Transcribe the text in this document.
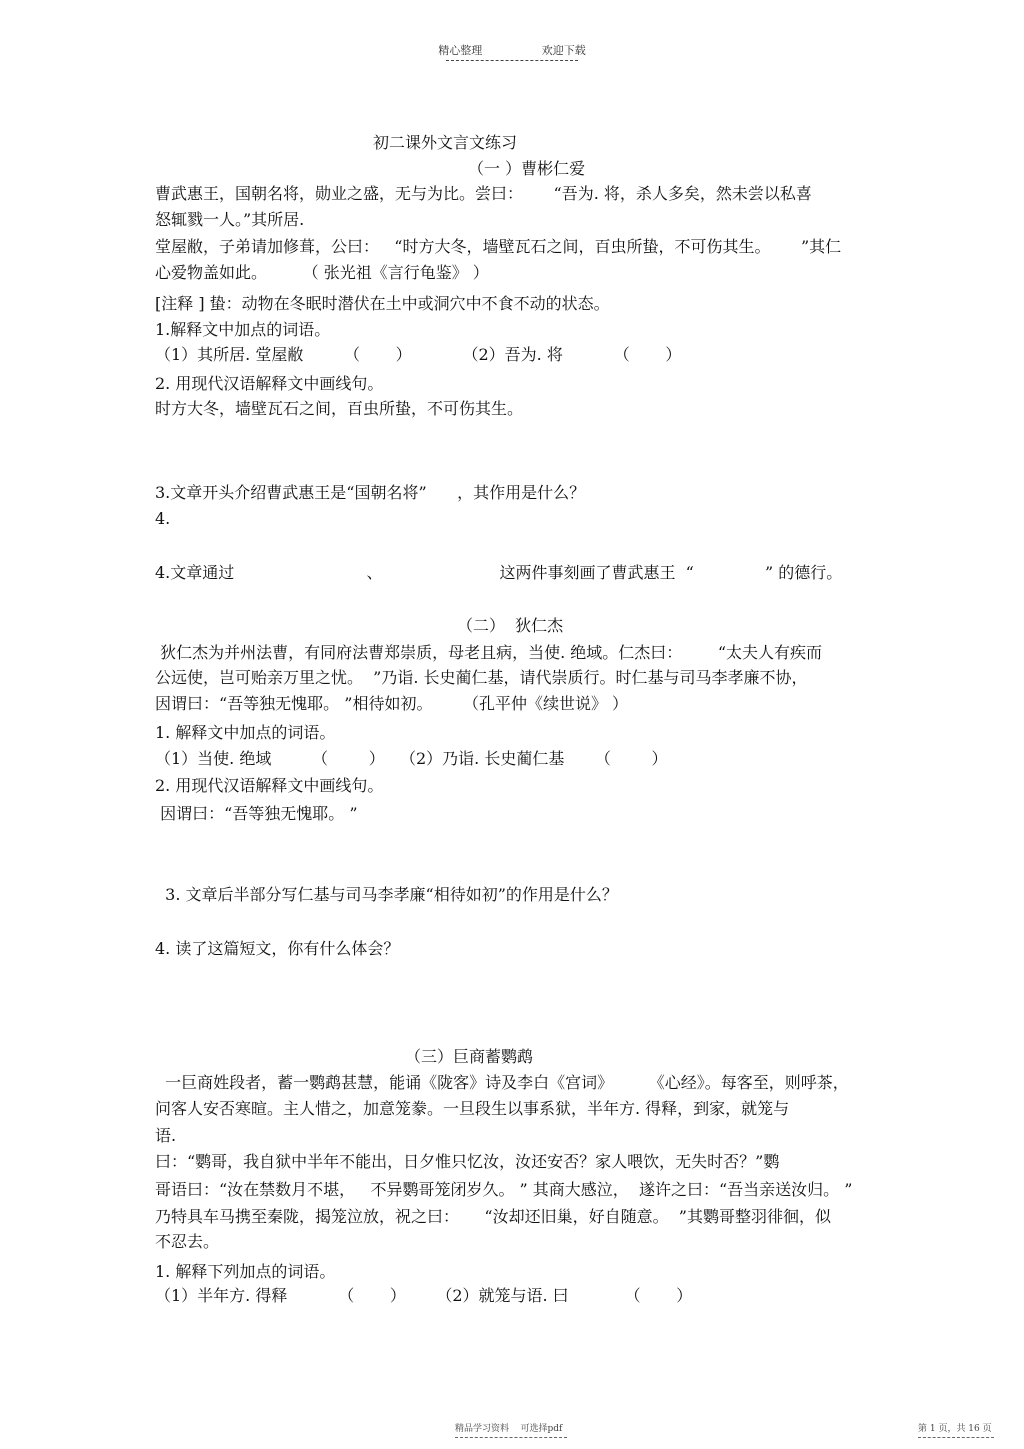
精心整理	欢迎下载
初二课外文言文练习
（一 ）曹彬仁爱
曹武惠王，国朝名将，勋业之盛，无与为比。尝曰：      “吾为. 将，杀人多矣，然未尝以私喜
怒辄戮一人。”其所居.
堂屋敝，子弟请加修葺，公曰：   “时方大冬，墙壁瓦石之间，百虫所蛰，不可伤其生。      ”其仁
心爱物盖如此。       （ 张光祖《言行龟鉴》 ）
[注释 ] 蛰：动物在冬眠时潜伏在土中或洞穴中不食不动的状态。
1.解释文中加点的词语。
（1）其所居. 堂屋敝        （       ）          （2）吾为. 将          （       ）
2. 用现代汉语解释文中画线句。
时方大冬，墙壁瓦石之间，百虫所蛰，不可伤其生。
3.文章开头介绍曹武惠王是“国朝名将”      ，其作用是什么？
4.
4.文章通过                          、                       这两件事刻画了曹武惠王  “              ” 的德行。
（二）  狄仁杰
狄仁杰为并州法曹，有同府法曹郑崇质，母老且病，当使. 绝域。仁杰曰：       “太夫人有疾而
公远使，岂可贻亲万里之忧。  ”乃诣. 长史蔺仁基，请代崇质行。时仁基与司马李孝廉不协，
因谓曰：“吾等独无愧耶。 ”相待如初。      （孔平仲《续世说》 ）
1. 解释文中加点的词语。
（1）当使. 绝域        （        ）   （2）乃诣. 长史蔺仁基      （        ）
2. 用现代汉语解释文中画线句。
因谓曰：“吾等独无愧耶。 ”
3. 文章后半部分写仁基与司马李孝廉“相待如初”的作用是什么？
4. 读了这篇短文，你有什么体会？
（三）巨商蓄鹦鹉
一巨商姓段者，蓄一鹦鹉甚慧，能诵《陇客》诗及李白《宫词》       《心经》。每客至，则呼茶，
问客人安否寒暄。主人惜之，加意笼豢。一旦段生以事系狱，半年方. 得释，到家，就笼与
语.
曰：“鹦哥，我自狱中半年不能出，日夕惟只忆汝，汝还安否？家人喂饮，无失时否？”鹦
哥语曰：“汝在禁数月不堪，   不异鹦哥笼闭岁久。 ” 其商大感泣，  遂许之曰：“吾当亲送汝归。 ”
乃特具车马携至秦陇，揭笼泣放，祝之曰：     “汝却还旧巢，好自随意。  ”其鹦哥整羽徘徊，似
不忍去。
1. 解释下列加点的词语。
（1）半年方. 得释          （       ）      （2）就笼与语. 曰           （       ）
精品学习资料    可选择pdf	第 1 页，共 16 页
